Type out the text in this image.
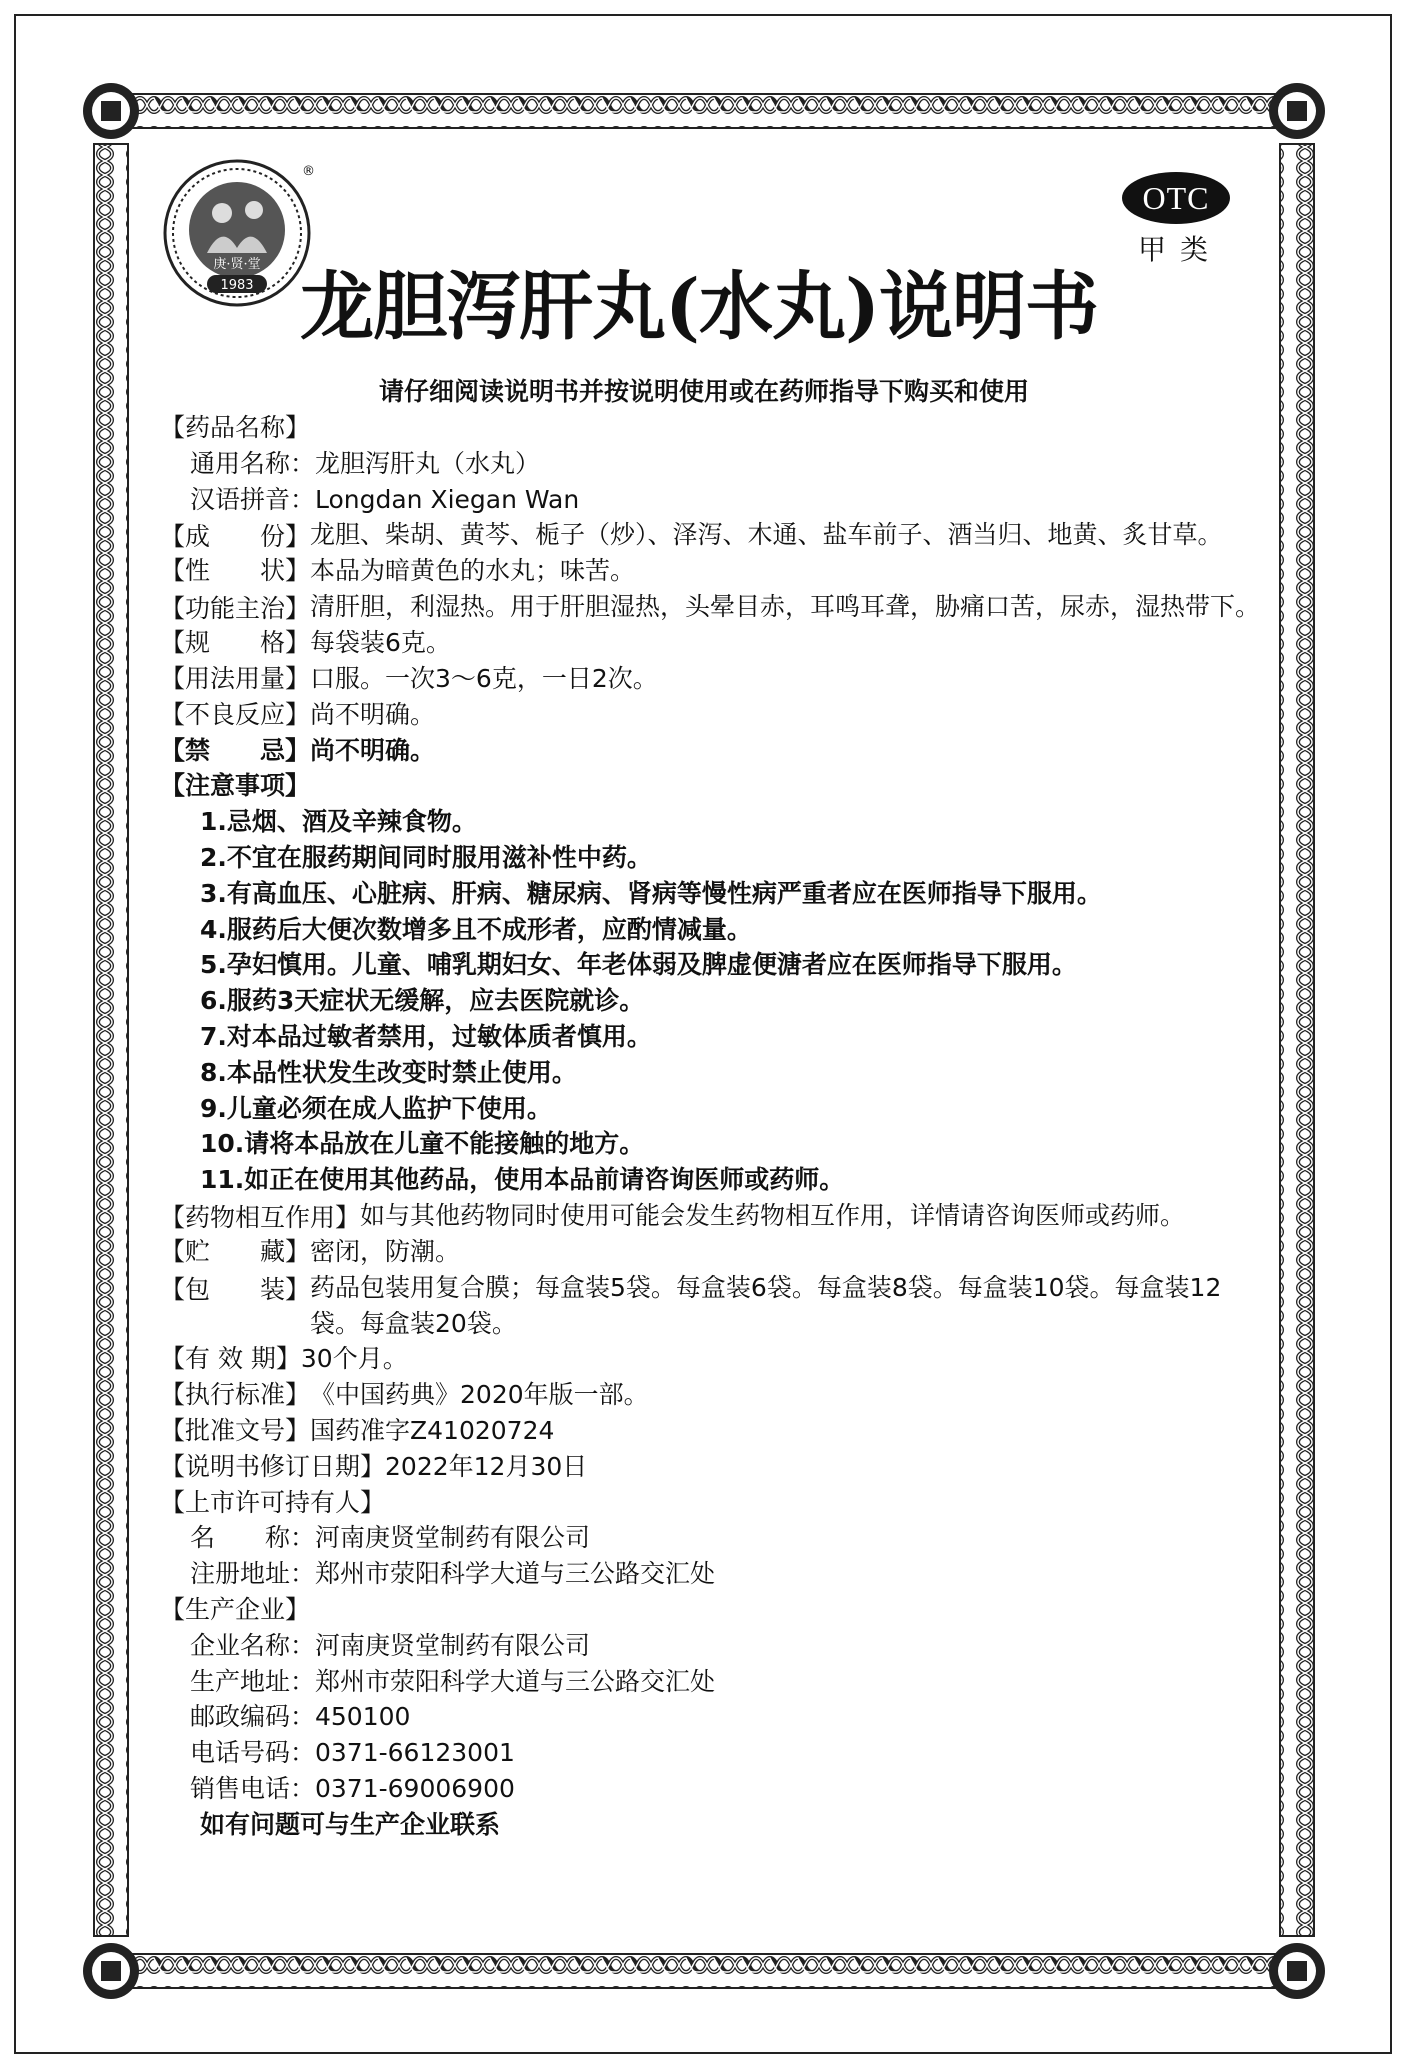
庚·贤·堂
1983
®
OTC
甲类
龙胆泻肝丸(水丸)说明书
请仔细阅读说明书并按说明使用或在药师指导下购买和使用
【药品名称】
通用名称：龙胆泻肝丸（水丸）
汉语拼音：Longdan Xiegan Wan
【成　　份】 龙胆、柴胡、黄芩、栀子（炒）、泽泻、木通、盐车前子、酒当归、地黄、炙甘草。
【性　　状】 本品为暗黄色的水丸；味苦。
【功能主治】 清肝胆，利湿热。用于肝胆湿热，头晕目赤，耳鸣耳聋，胁痛口苦，尿赤，湿热带下。
【规　　格】 每袋装6克。
【用法用量】 口服。一次3～6克，一日2次。
【不良反应】 尚不明确。
【禁　　忌】 尚不明确。
【注意事项】
1.忌烟、酒及辛辣食物。
2.不宜在服药期间同时服用滋补性中药。
3.有高血压、心脏病、肝病、糖尿病、肾病等慢性病严重者应在医师指导下服用。
4.服药后大便次数增多且不成形者，应酌情减量。
5.孕妇慎用。儿童、哺乳期妇女、年老体弱及脾虚便溏者应在医师指导下服用。
6.服药3天症状无缓解，应去医院就诊。
7.对本品过敏者禁用，过敏体质者慎用。
8.本品性状发生改变时禁止使用。
9.儿童必须在成人监护下使用。
10.请将本品放在儿童不能接触的地方。
11.如正在使用其他药品，使用本品前请咨询医师或药师。
【药物相互作用】 如与其他药物同时使用可能会发生药物相互作用，详情请咨询医师或药师。
【贮　　藏】 密闭，防潮。
【包　　装】 药品包装用复合膜；每盒装5袋。每盒装6袋。每盒装8袋。每盒装10袋。每盒装12袋。每盒装20袋。
【有 效 期】 30个月。
【执行标准】 《中国药典》2020年版一部。
【批准文号】 国药准字Z41020724
【说明书修订日期】 2022年12月30日
【上市许可持有人】
名　　称：河南庚贤堂制药有限公司
注册地址：郑州市荥阳科学大道与三公路交汇处
【生产企业】
企业名称：河南庚贤堂制药有限公司
生产地址：郑州市荥阳科学大道与三公路交汇处
邮政编码：450100
电话号码：0371-66123001
销售电话：0371-69006900
如有问题可与生产企业联系
